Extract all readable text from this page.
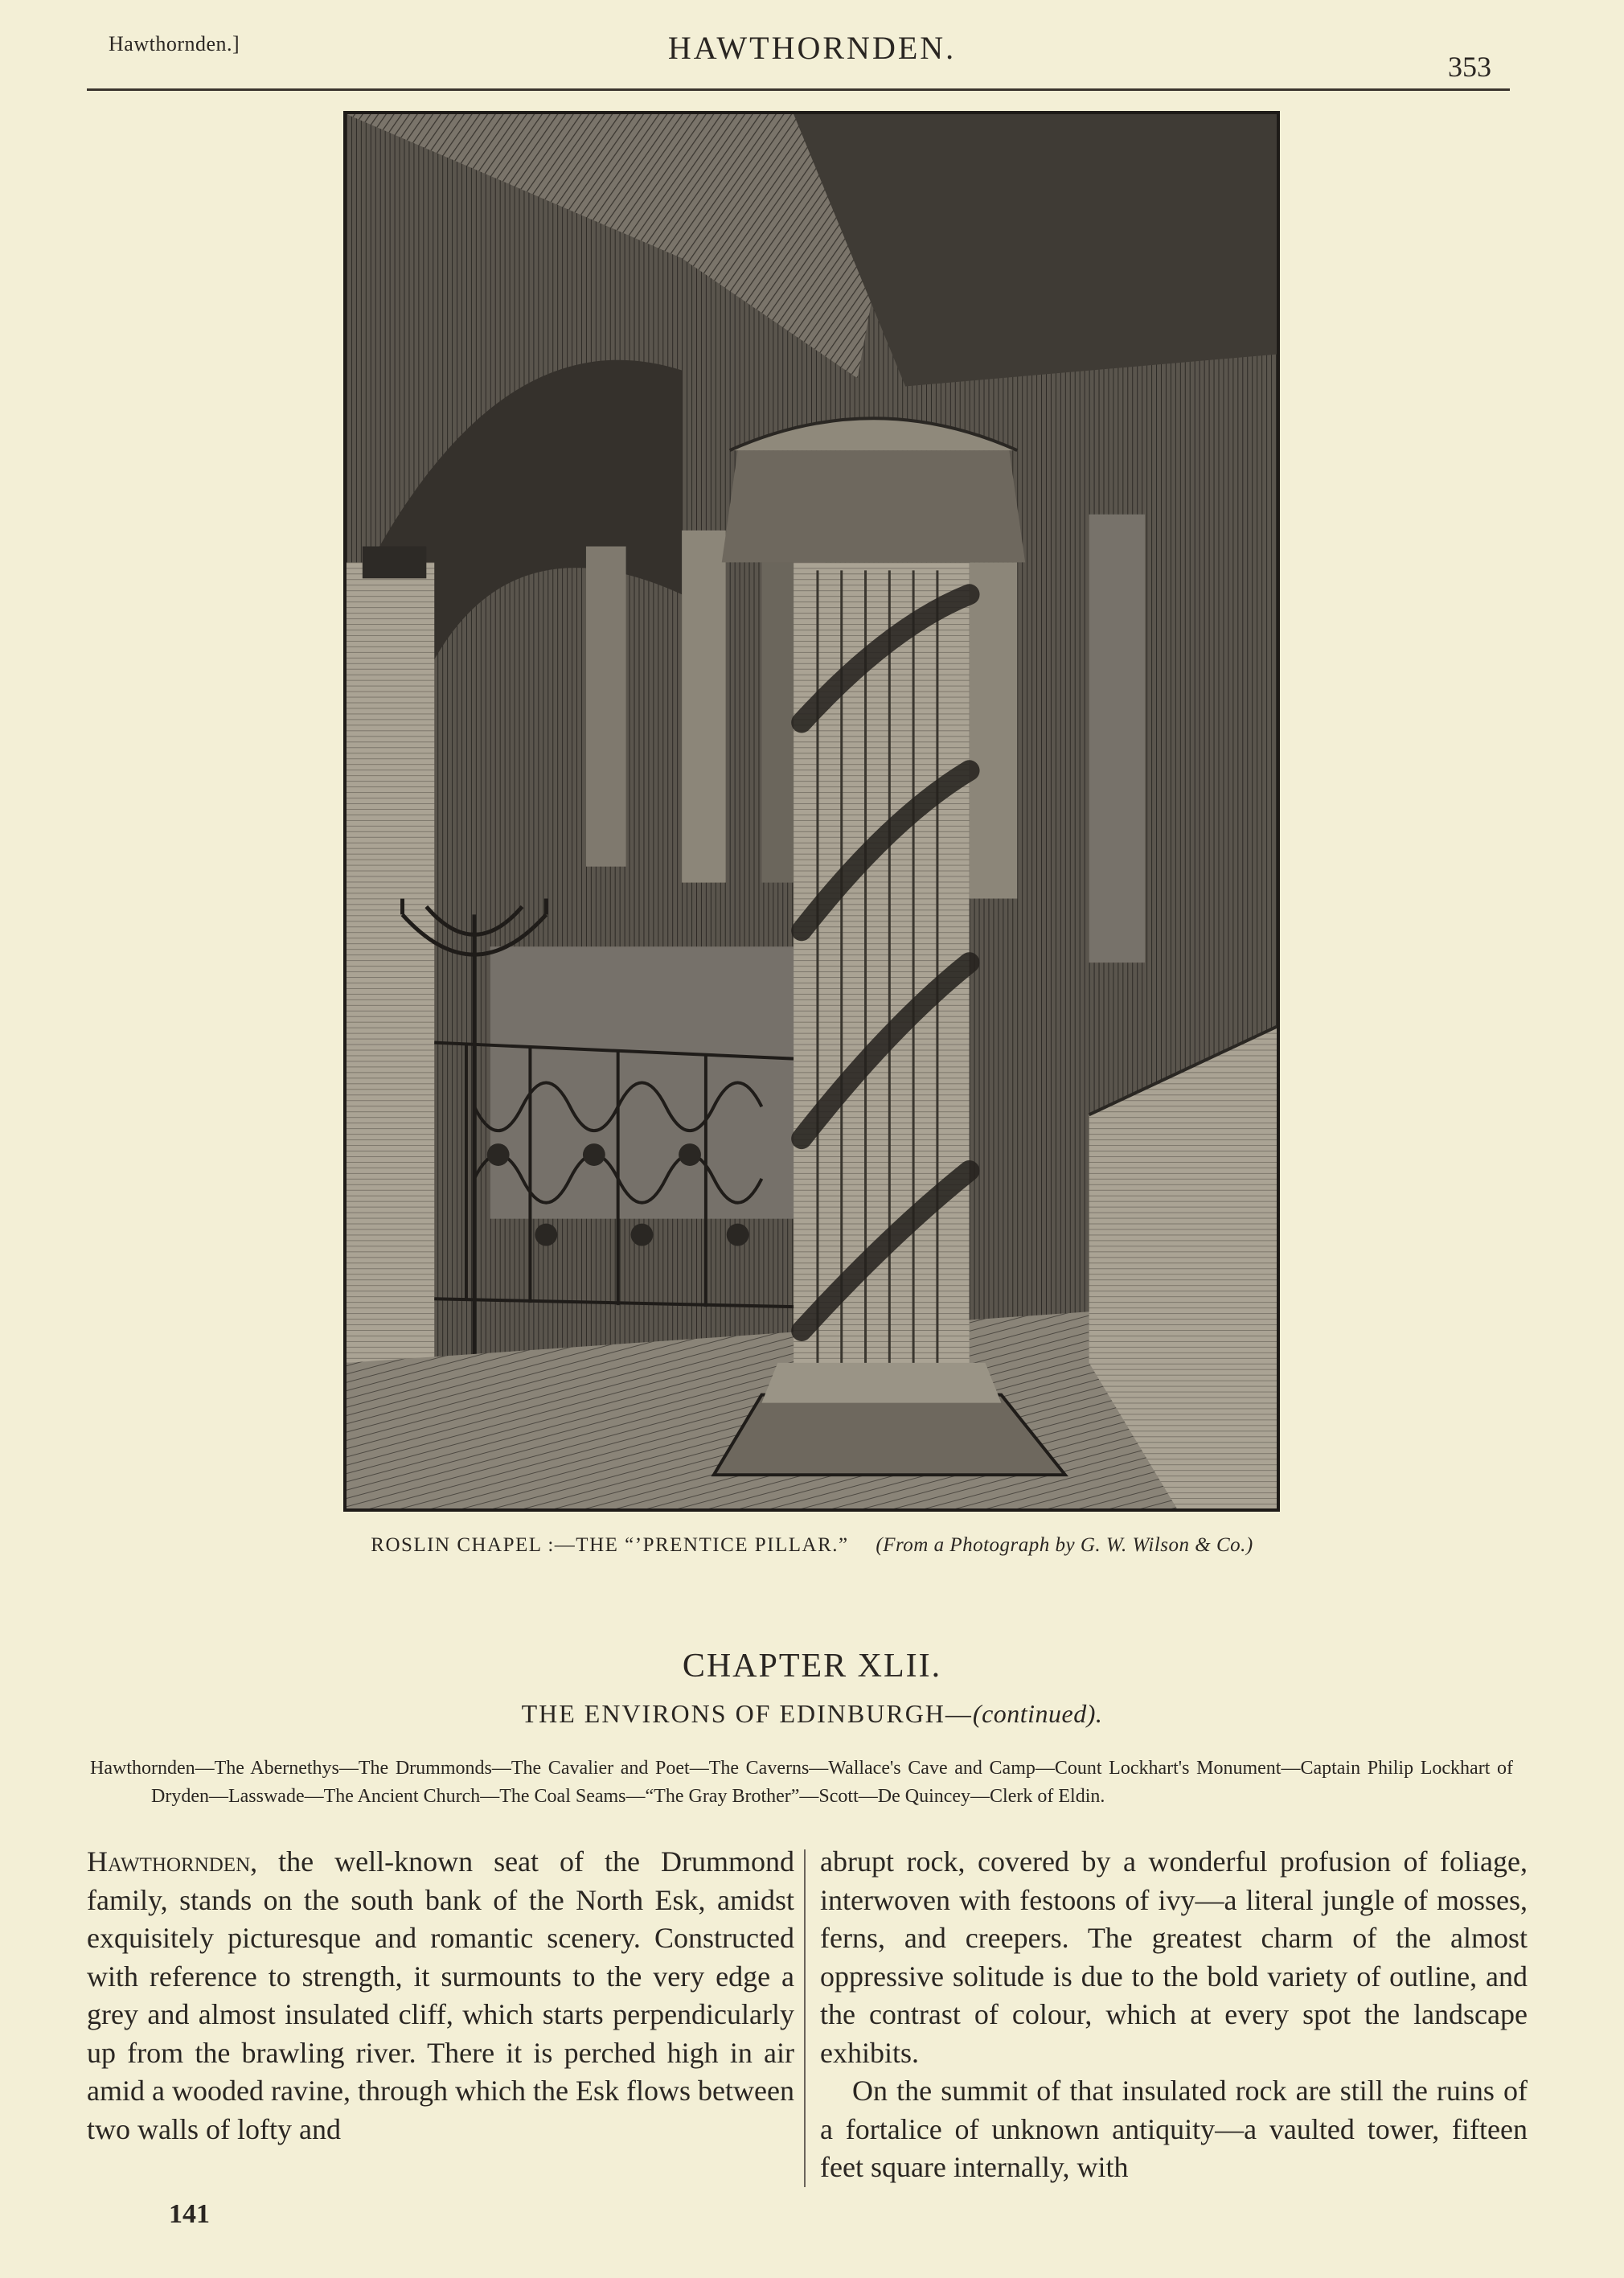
Hawthornden.]	HAWTHORNDEN.
353
ROSLIN CHAPEL :—THE “’PRENTICE PILLAR.” (From a Photograph by G. W. Wilson & Co.)
CHAPTER XLII.
THE ENVIRONS OF EDINBURGH—(continued).
Hawthornden—The Abernethys—The Drummonds—The Cavalier and Poet—The Caverns—Wallace's Cave and Camp—Count Lockhart's Monument—Captain Philip Lockhart of Dryden—Lasswade—The Ancient Church—The Coal Seams—“The Gray Brother”—Scott—De Quincey—Clerk of Eldin.

Hawthornden, the well-known seat of the Drummond family, stands on the south bank of the North Esk, amidst exquisitely picturesque and romantic scenery. Constructed with reference to strength, it surmounts to the very edge a grey and almost insulated cliff, which starts perpendicularly up from the brawling river. There it is perched high in air amid a wooded ravine, through which the Esk flows between two walls of lofty and

abrupt rock, covered by a wonderful profusion of foliage, interwoven with festoons of ivy—a literal jungle of mosses, ferns, and creepers. The greatest charm of the almost oppressive solitude is due to the bold variety of outline, and the contrast of colour, which at every spot the landscape exhibits.

On the summit of that insulated rock are still the ruins of a fortalice of unknown antiquity—a vaulted tower, fifteen feet square internally, with

141
